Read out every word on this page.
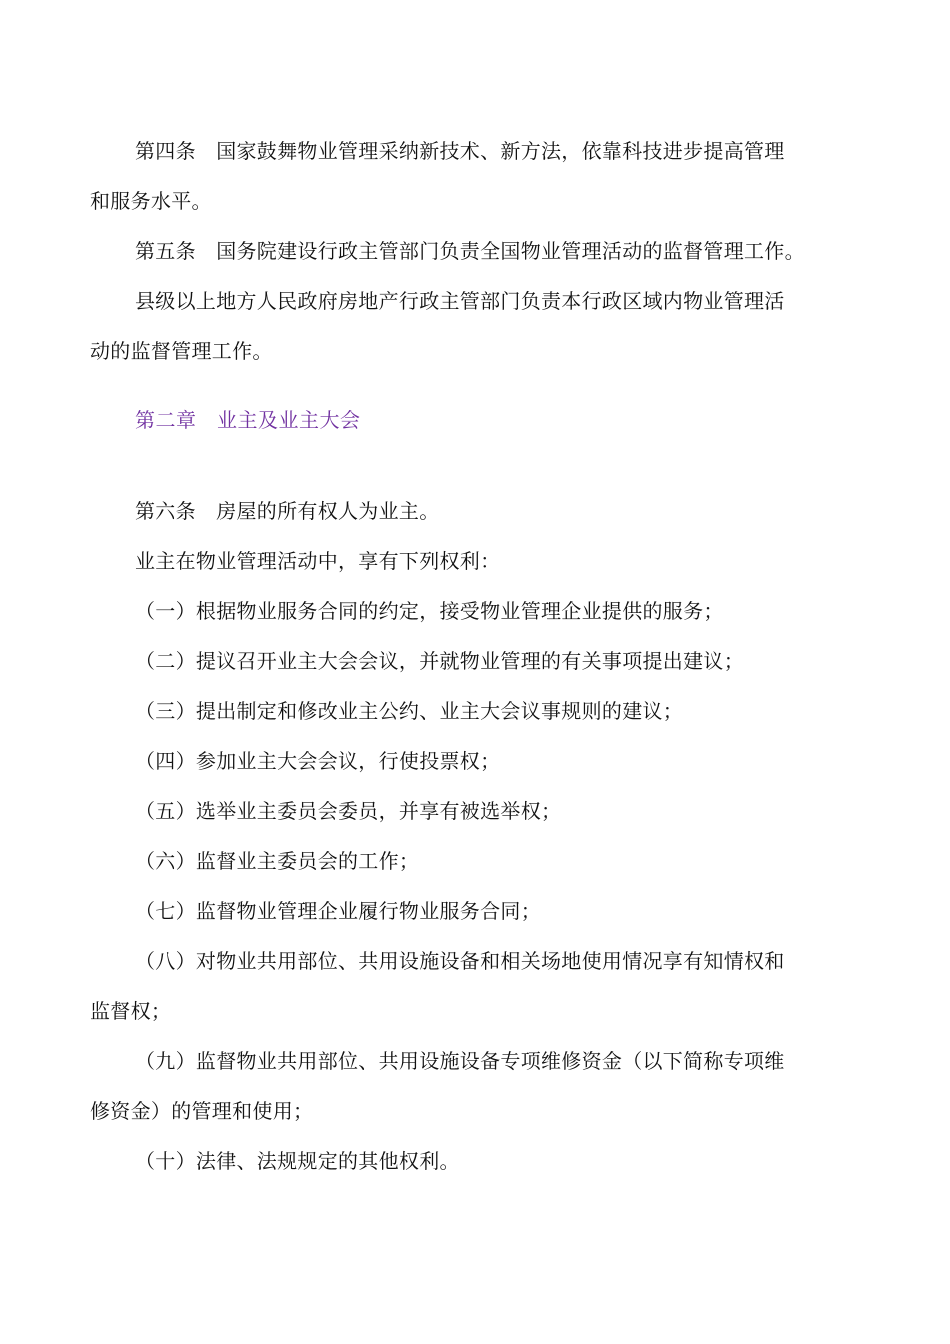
第四条　国家鼓舞物业管理采纳新技术、新方法，依靠科技进步提高管理
和服务水平。
第五条　国务院建设行政主管部门负责全国物业管理活动的监督管理工作。
县级以上地方人民政府房地产行政主管部门负责本行政区域内物业管理活
动的监督管理工作。
第二章　业主及业主大会
第六条　房屋的所有权人为业主。
业主在物业管理活动中，享有下列权利：
（一）根据物业服务合同的约定，接受物业管理企业提供的服务；
（二）提议召开业主大会会议，并就物业管理的有关事项提出建议；
（三）提出制定和修改业主公约、业主大会议事规则的建议；
（四）参加业主大会会议，行使投票权；
（五）选举业主委员会委员，并享有被选举权；
（六）监督业主委员会的工作；
（七）监督物业管理企业履行物业服务合同；
（八）对物业共用部位、共用设施设备和相关场地使用情况享有知情权和
监督权；
（九）监督物业共用部位、共用设施设备专项维修资金（以下简称专项维
修资金）的管理和使用；
（十）法律、法规规定的其他权利。
